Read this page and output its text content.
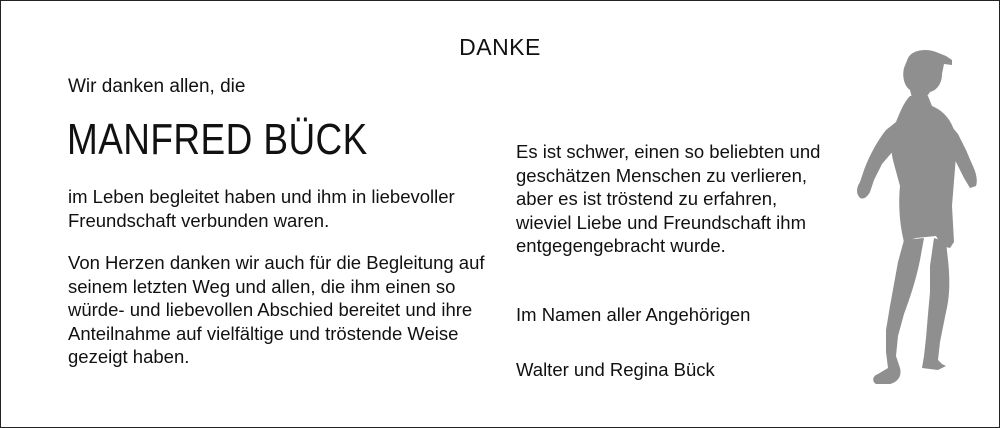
DANKE
Wir danken allen, die
MANFRED BÜCK
im Leben begleitet haben und ihm in liebevoller
Freundschaft verbunden waren.
Von Herzen danken wir auch für die Begleitung auf
seinem letzten Weg und allen, die ihm einen so
würde- und liebevollen Abschied bereitet und ihre
Anteilnahme auf vielfältige und tröstende Weise
gezeigt haben.
Es ist schwer, einen so beliebten und
geschätzen Menschen zu verlieren,
aber es ist tröstend zu erfahren,
wieviel Liebe und Freundschaft ihm
entgegengebracht wurde.
Im Namen aller Angehörigen
Walter und Regina Bück
